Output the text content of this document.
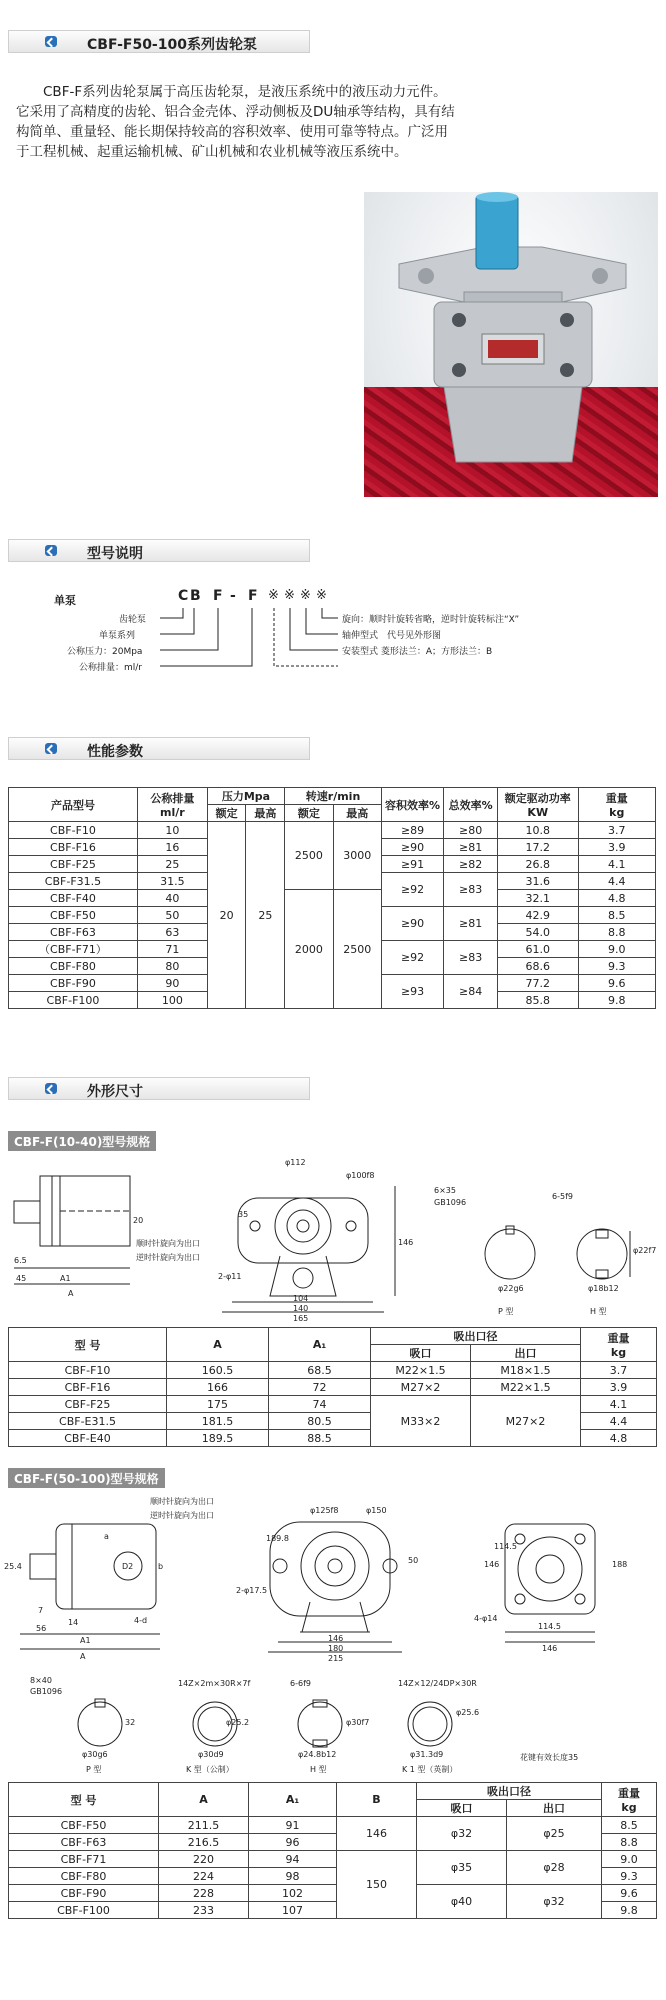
CBF-F50-100系列齿轮泵

CBF-F系列齿轮泵属于高压齿轮泵，是液压系统中的液压动力元件。它采用了高精度的齿轮、铝合金壳体、浮动侧板及DU轴承等结构，具有结构简单、重量轻、能长期保持较高的容积效率、使用可靠等特点。广泛用于工程机械、起重运输机械、矿山机械和农业机械等液压系统中。

型号说明
单泵	C B F - F ※ ※ ※ ※
齿轮泵
单泵系列
公称压力：20Mpa
公称排量：ml/r
旋向：顺时针旋转省略，逆时针旋转标注“X”
轴伸型式　代号见外形图
安装型式 菱形法兰：A；方形法兰：B
性能参数
产品型号	公称排量
ml/r	压力Mpa		转速r/min		容积效率%	总效率%	额定驱动功率
KW	重量
kg
		额定	最高	额定	最高				
CBF-F10	10	20	25	2500	3000	≥89	≥80	10.8	3.7
CBF-F16	16					≥90	≥81	17.2	3.9
CBF-F25	25					≥91	≥82	26.8	4.1
CBF-F31.5	31.5					≥92	≥83	31.6	4.4
CBF-F40	40			2000	2500			32.1	4.8
CBF-F50	50					≥90	≥81	42.9	8.5
CBF-F63	63							54.0	8.8
（CBF-F71）	71					≥92	≥83	61.0	9.0
CBF-F80	80							68.6	9.3
CBF-F90	90					≥93	≥84	77.2	9.6
CBF-F100	100							85.8	9.8
外形尺寸
CBF-F(10-40)型号规格
φ112
φ100f8
2-φ11
35
146
104
140
165
6.5
45	A1
A
20
顺时针旋向为出口
逆时针旋向为出口
6×35
GB1096
φ22g6
P 型
6-5f9
φ22f7
φ18b12
H 型
型 号	A	A₁	吸出口径		重量
kg
			吸口	出口	
CBF-F10	160.5	68.5	M22×1.5	M18×1.5	3.7
CBF-F16	166	72	M27×2	M22×1.5	3.9
CBF-F25	175	74	M33×2	M27×2	4.1
CBF-E31.5	181.5	80.5			4.4
CBF-E40	189.5	88.5			4.8
CBF-F(50-100)型号规格
顺时针旋向为出口
逆时针旋向为出口
a
b
D2
25.4
7
56
14
A1
A
4-d
φ125f8	φ150
189.8
2-φ17.5
50
146
180
215
146
114.5
188
4-φ14
114.5
146
8×40
GB1096
32
φ30g6
P 型
14Z×2m×30R×7f
φ25.2
φ30d9
K 型（公制）
6-6f9
φ30f7
φ24.8b12
H 型
14Z×12/24DP×30R
φ25.6
φ31.3d9
K 1 型（英制）
花键有效长度35
型 号	A	A₁	B	吸出口径		重量
kg
				吸口	出口	
CBF-F50	211.5	91	146	φ32	φ25	8.5
CBF-F63	216.5	96				8.8
CBF-F71	220	94	150	φ35	φ28	9.0
CBF-F80	224	98				9.3
CBF-F90	228	102		φ40	φ32	9.6
CBF-F100	233	107				9.8
